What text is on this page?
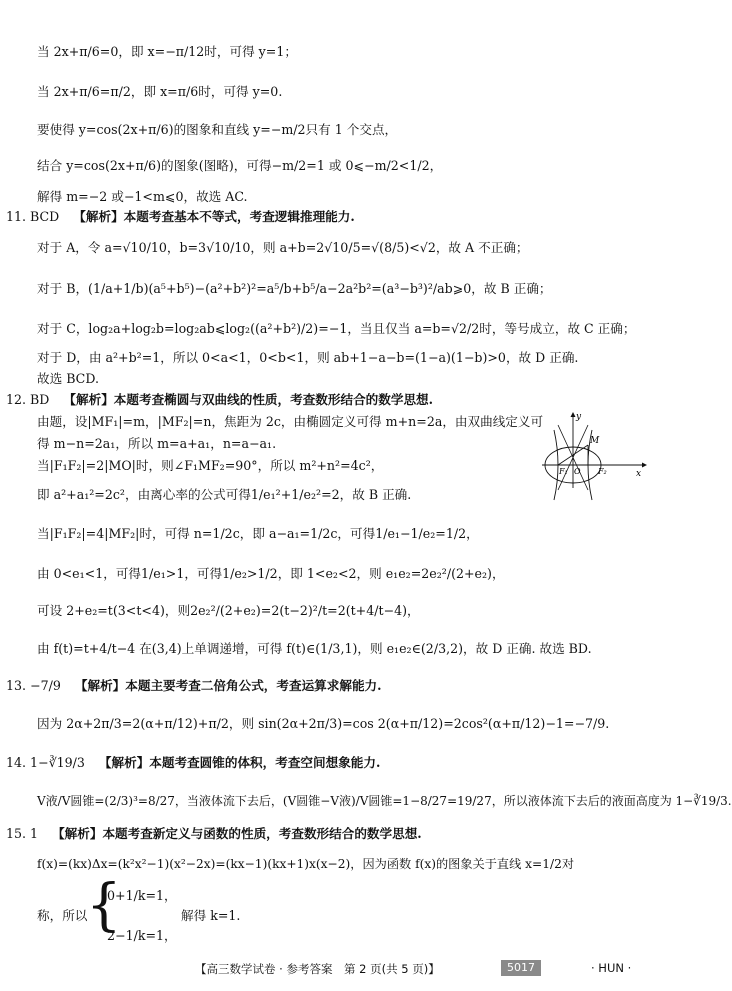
当 2x+π/6=0，即 x=−π/12时，可得 y=1；
当 2x+π/6=π/2，即 x=π/6时，可得 y=0.
要使得 y=cos(2x+π/6)的图象和直线 y=−m/2只有 1 个交点，
结合 y=cos(2x+π/6)的图象(图略)，可得−m/2=1 或 0⩽−m/2<1/2，
解得 m=−2 或−1<m⩽0，故选 AC.
11. BCD 【解析】本题考查基本不等式，考查逻辑推理能力.
对于 A，令 a=√10/10，b=3√10/10，则 a+b=2√10/5=√(8/5)<√2，故 A 不正确；
对于 B，(1/a+1/b)(a⁵+b⁵)−(a²+b²)²=a⁵/b+b⁵/a−2a²b²=(a³−b³)²/ab⩾0，故 B 正确；
对于 C，log₂a+log₂b=log₂ab⩽log₂((a²+b²)/2)=−1，当且仅当 a=b=√2/2时，等号成立，故 C 正确；
对于 D，由 a²+b²=1，所以 0<a<1，0<b<1，则 ab+1−a−b=(1−a)(1−b)>0，故 D 正确.
故选 BCD.
12. BD 【解析】本题考查椭圆与双曲线的性质，考查数形结合的数学思想.
由题，设|MF₁|=m，|MF₂|=n，焦距为 2c，由椭圆定义可得 m+n=2a，由双曲线定义可
得 m−n=2a₁，所以 m=a+a₁，n=a−a₁.
当|F₁F₂|=2|MO|时，则∠F₁MF₂=90°，所以 m²+n²=4c²，
即 a²+a₁²=2c²，由离心率的公式可得1/e₁²+1/e₂²=2，故 B 正确.
当|F₁F₂|=4|MF₂|时，可得 n=1/2c，即 a−a₁=1/2c，可得1/e₁−1/e₂=1/2，
由 0<e₁<1，可得1/e₁>1，可得1/e₂>1/2，即 1<e₂<2，则 e₁e₂=2e₂²/(2+e₂)，
可设 2+e₂=t(3<t<4)，则2e₂²/(2+e₂)=2(t−2)²/t=2(t+4/t−4)，
由 f(t)=t+4/t−4 在(3,4)上单调递增，可得 f(t)∈(1/3,1)，则 e₁e₂∈(2/3,2)，故 D 正确. 故选 BD.
y
x
M
F₁ O F₂
13. −7/9 【解析】本题主要考查二倍角公式，考查运算求解能力.
因为 2α+2π/3=2(α+π/12)+π/2，则 sin(2α+2π/3)=cos 2(α+π/12)=2cos²(α+π/12)−1=−7/9.
14. 1−∛19/3 【解析】本题考查圆锥的体积，考查空间想象能力.
V液/V圆锥=(2/3)³=8/27，当液体流下去后，(V圆锥−V液)/V圆锥=1−8/27=19/27，所以液体流下去后的液面高度为 1−∛19/3.
15. 1 【解析】本题考查新定义与函数的性质，考查数形结合的数学思想.
f(x)=(kx)Δx=(k²x²−1)(x²−2x)=(kx−1)(kx+1)x(x−2)，因为函数 f(x)的图象关于直线 x=1/2对
称，所以
{
0+1/k=1，
2−1/k=1，
解得 k=1.
【高三数学试卷 · 参考答案　第 2 页(共 5 页)】	5017	· HUN ·
